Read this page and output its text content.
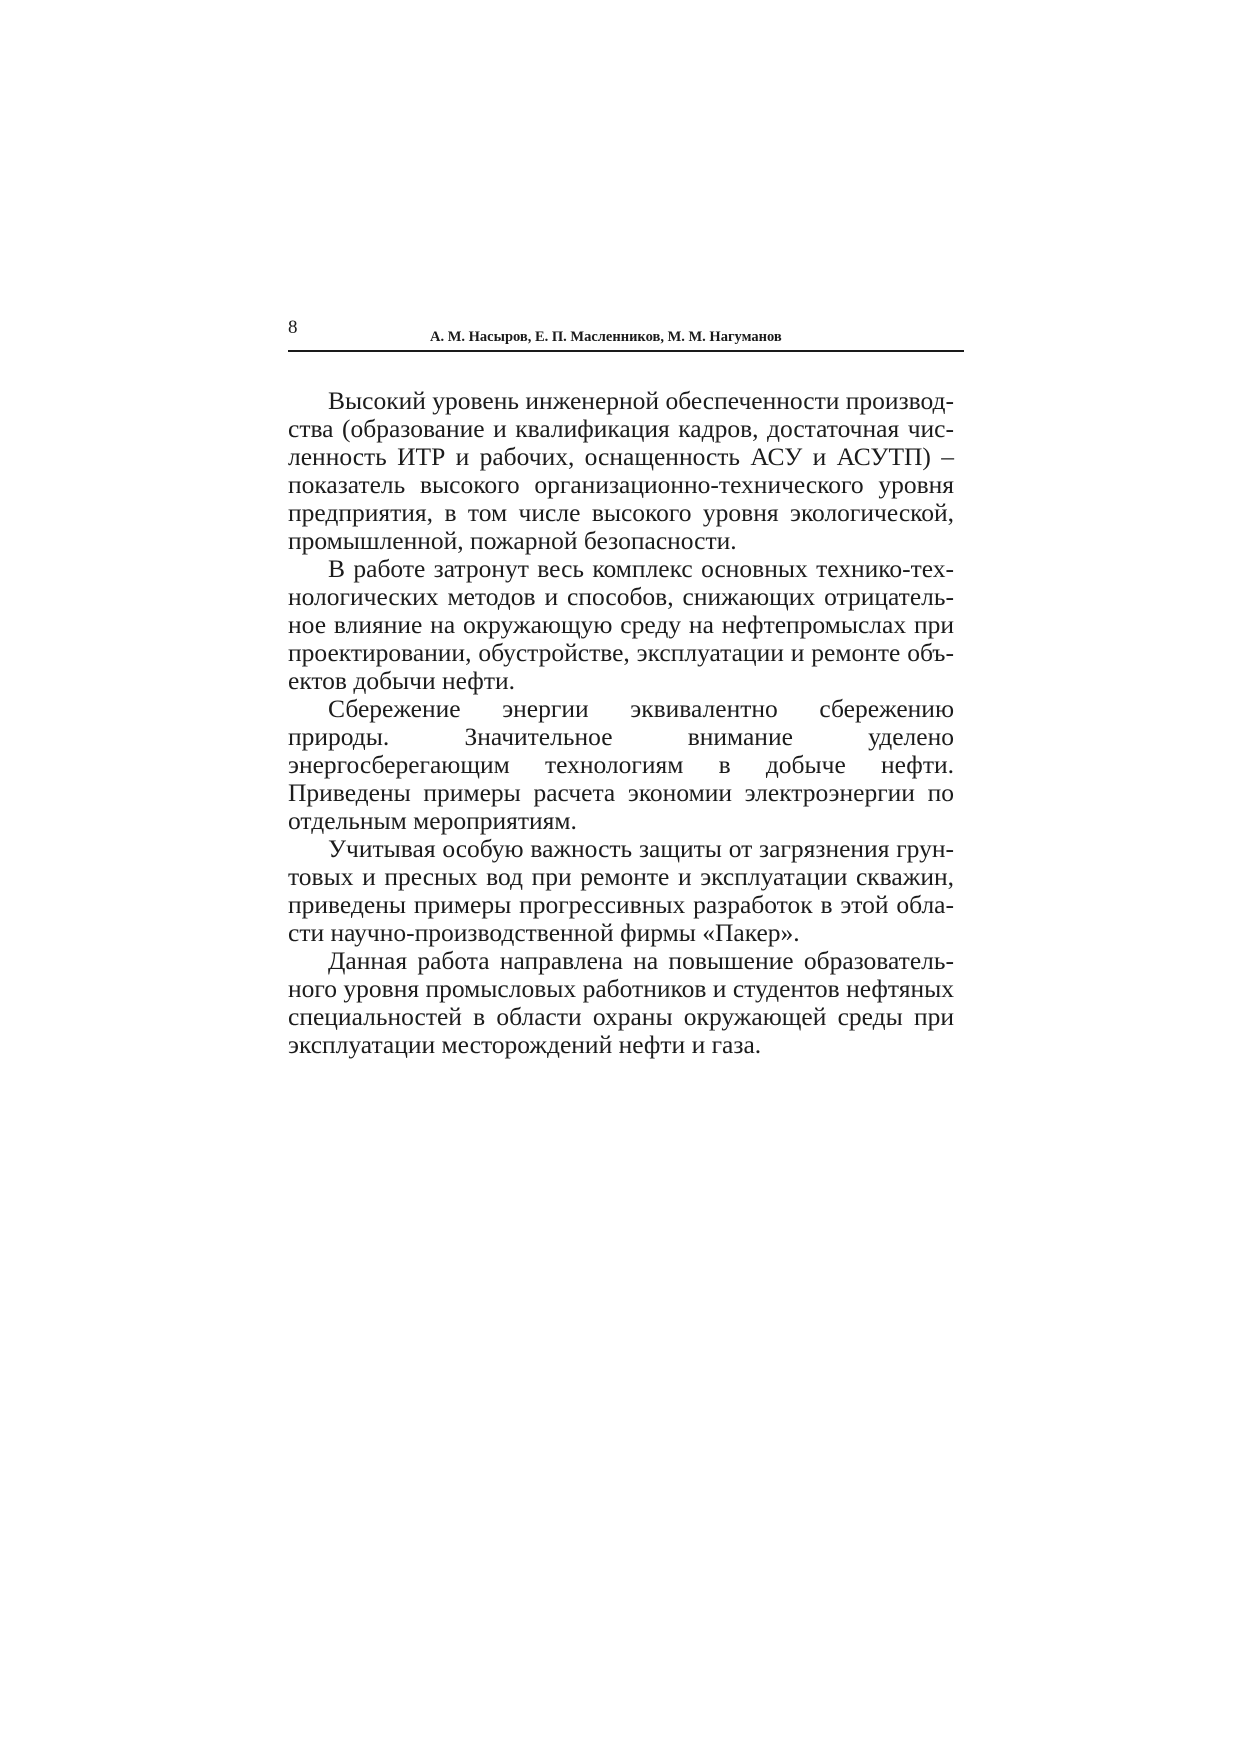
8	А. М. Насыров, Е. П. Масленников, М. М. Нагуманов

Высокий уровень инженерной обеспеченности производства (образование и квалификация кадров, достаточная численность ИТР и рабочих, оснащенность АСУ и АСУТП) – показатель высокого организационно-технического уровня предприятия, в том числе высокого уровня экологической, промышленной, пожарной безопасности.

В работе затронут весь комплекс основных технико-технологических методов и способов, снижающих отрицательное влияние на окружающую среду на нефтепромыслах при проектировании, обустройстве, эксплуатации и ремонте объектов добычи нефти.

Сбережение энергии эквивалентно сбережению природы. Значительное внимание уделено энергосберегающим технологиям в добыче нефти. Приведены примеры расчета экономии электроэнергии по отдельным мероприятиям.

Учитывая особую важность защиты от загрязнения грунтовых и пресных вод при ремонте и эксплуатации скважин, приведены примеры прогрессивных разработок в этой области научно-производственной фирмы «Пакер».

Данная работа направлена на повышение образовательного уровня промысловых работников и студентов нефтяных специальностей в области охраны окружающей среды при эксплуатации месторождений нефти и газа.
